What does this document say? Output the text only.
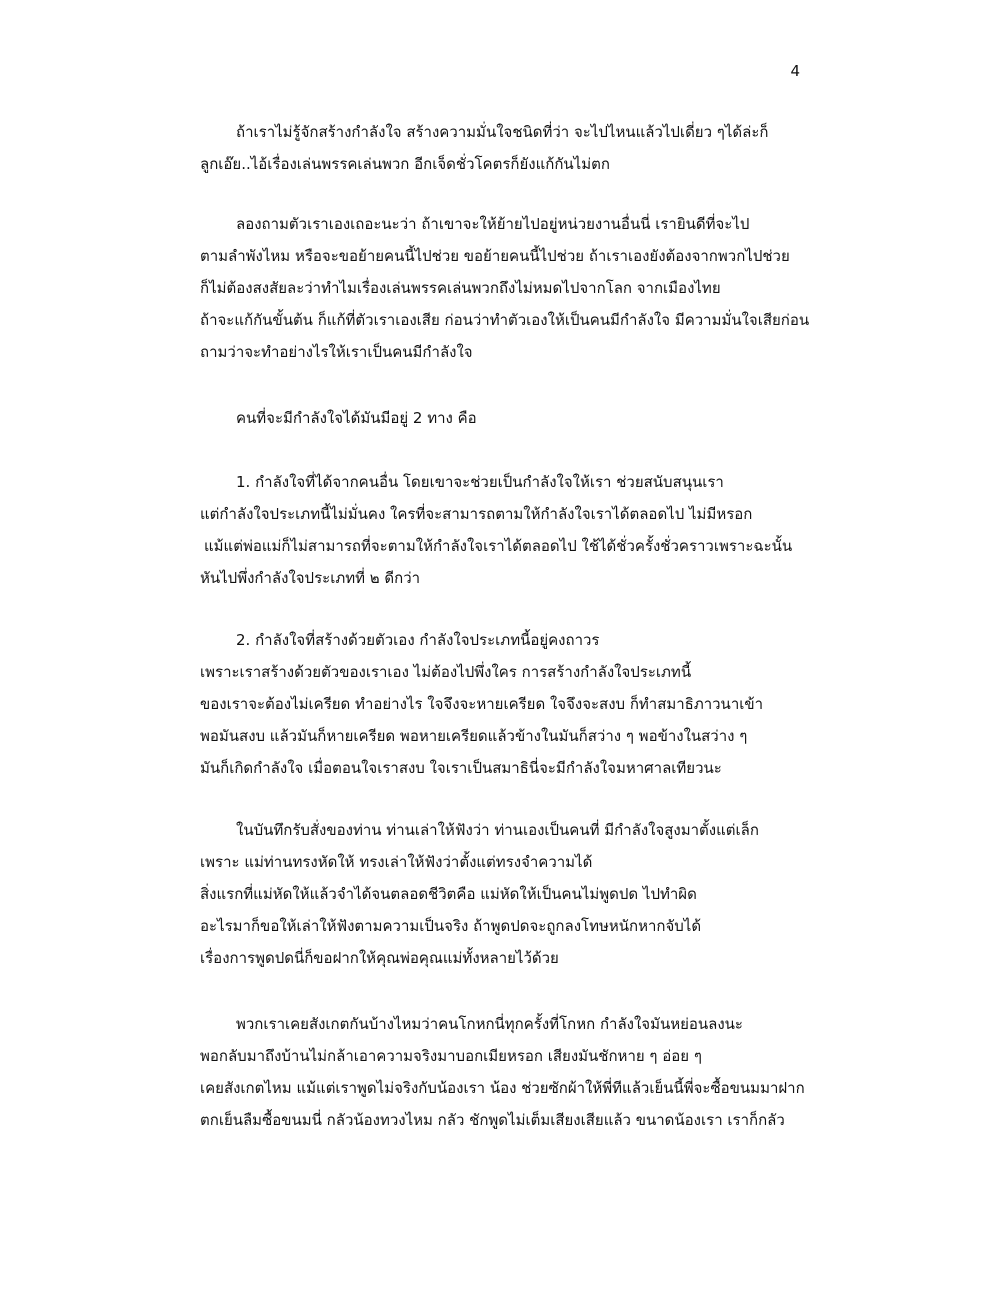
4
ถ้าเราไม่รู้จักสร้างกำลังใจ สร้างความมั่นใจชนิดที่ว่า จะไปไหนแล้วไปเดี่ยว ๆได้ล่ะก็
ลูกเอ๊ย..ไอ้เรื่องเล่นพรรคเล่นพวก อีกเจ็ดชั่วโคตรก็ยังแก้กันไม่ตก
ลองถามตัวเราเองเถอะนะว่า ถ้าเขาจะให้ย้ายไปอยู่หน่วยงานอื่นนี่ เรายินดีที่จะไป
ตามลำพังไหม หรือจะขอย้ายคนนี้ไปช่วย ขอย้ายคนนี้ไปช่วย ถ้าเราเองยังต้องจากพวกไปช่วย
ก็ไม่ต้องสงสัยละว่าทำไมเรื่องเล่นพรรคเล่นพวกถึงไม่หมดไปจากโลก จากเมืองไทย
ถ้าจะแก้กันขั้นต้น ก็แก้ที่ตัวเราเองเสีย ก่อนว่าทำตัวเองให้เป็นคนมีกำลังใจ มีความมั่นใจเสียก่อน
ถามว่าจะทำอย่างไรให้เราเป็นคนมีกำลังใจ
คนที่จะมีกำลังใจได้มันมีอยู่ 2 ทาง คือ
1. กำลังใจที่ได้จากคนอื่น โดยเขาจะช่วยเป็นกำลังใจให้เรา ช่วยสนับสนุนเรา
แต่กำลังใจประเภทนี้ไม่มั่นคง ใครที่จะสามารถตามให้กำลังใจเราได้ตลอดไป ไม่มีหรอก
แม้แต่พ่อแม่ก็ไม่สามารถที่จะตามให้กำลังใจเราได้ตลอดไป ใช้ได้ชั่วครั้งชั่วคราวเพราะฉะนั้น
หันไปพึ่งกำลังใจประเภทที่ ๒ ดีกว่า
2. กำลังใจที่สร้างด้วยตัวเอง กำลังใจประเภทนี้อยู่คงถาวร
เพราะเราสร้างด้วยตัวของเราเอง ไม่ต้องไปพึ่งใคร การสร้างกำลังใจประเภทนี้
ของเราจะต้องไม่เครียด ทำอย่างไร ใจจึงจะหายเครียด ใจจึงจะสงบ ก็ทำสมาธิภาวนาเข้า
พอมันสงบ แล้วมันก็หายเครียด พอหายเครียดแล้วข้างในมันก็สว่าง ๆ พอข้างในสว่าง ๆ
มันก็เกิดกำลังใจ เมื่อตอนใจเราสงบ ใจเราเป็นสมาธินี่จะมีกำลังใจมหาศาลเทียวนะ
ในบันทึกรับสั่งของท่าน ท่านเล่าให้ฟังว่า ท่านเองเป็นคนที่ มีกำลังใจสูงมาตั้งแต่เล็ก
เพราะ แม่ท่านทรงหัดให้ ทรงเล่าให้ฟังว่าตั้งแต่ทรงจำความได้
สิ่งแรกที่แม่หัดให้แล้วจำได้จนตลอดชีวิตคือ แม่หัดให้เป็นคนไม่พูดปด ไปทำผิด
อะไรมาก็ขอให้เล่าให้ฟังตามความเป็นจริง ถ้าพูดปดจะถูกลงโทษหนักหากจับได้
เรื่องการพูดปดนี่ก็ขอฝากให้คุณพ่อคุณแม่ทั้งหลายไว้ด้วย
พวกเราเคยสังเกตกันบ้างไหมว่าคนโกหกนี่ทุกครั้งที่โกหก กำลังใจมันหย่อนลงนะ
พอกลับมาถึงบ้านไม่กล้าเอาความจริงมาบอกเมียหรอก เสียงมันชักหาย ๆ อ่อย ๆ
เคยสังเกตไหม แม้แต่เราพูดไม่จริงกับน้องเรา น้อง ช่วยซักผ้าให้พี่ทีแล้วเย็นนี้พี่จะซื้อขนมมาฝาก
ตกเย็นลืมซื้อขนมนี่ กลัวน้องทวงไหม กลัว ชักพูดไม่เต็มเสียงเสียแล้ว ขนาดน้องเรา เราก็กลัว
